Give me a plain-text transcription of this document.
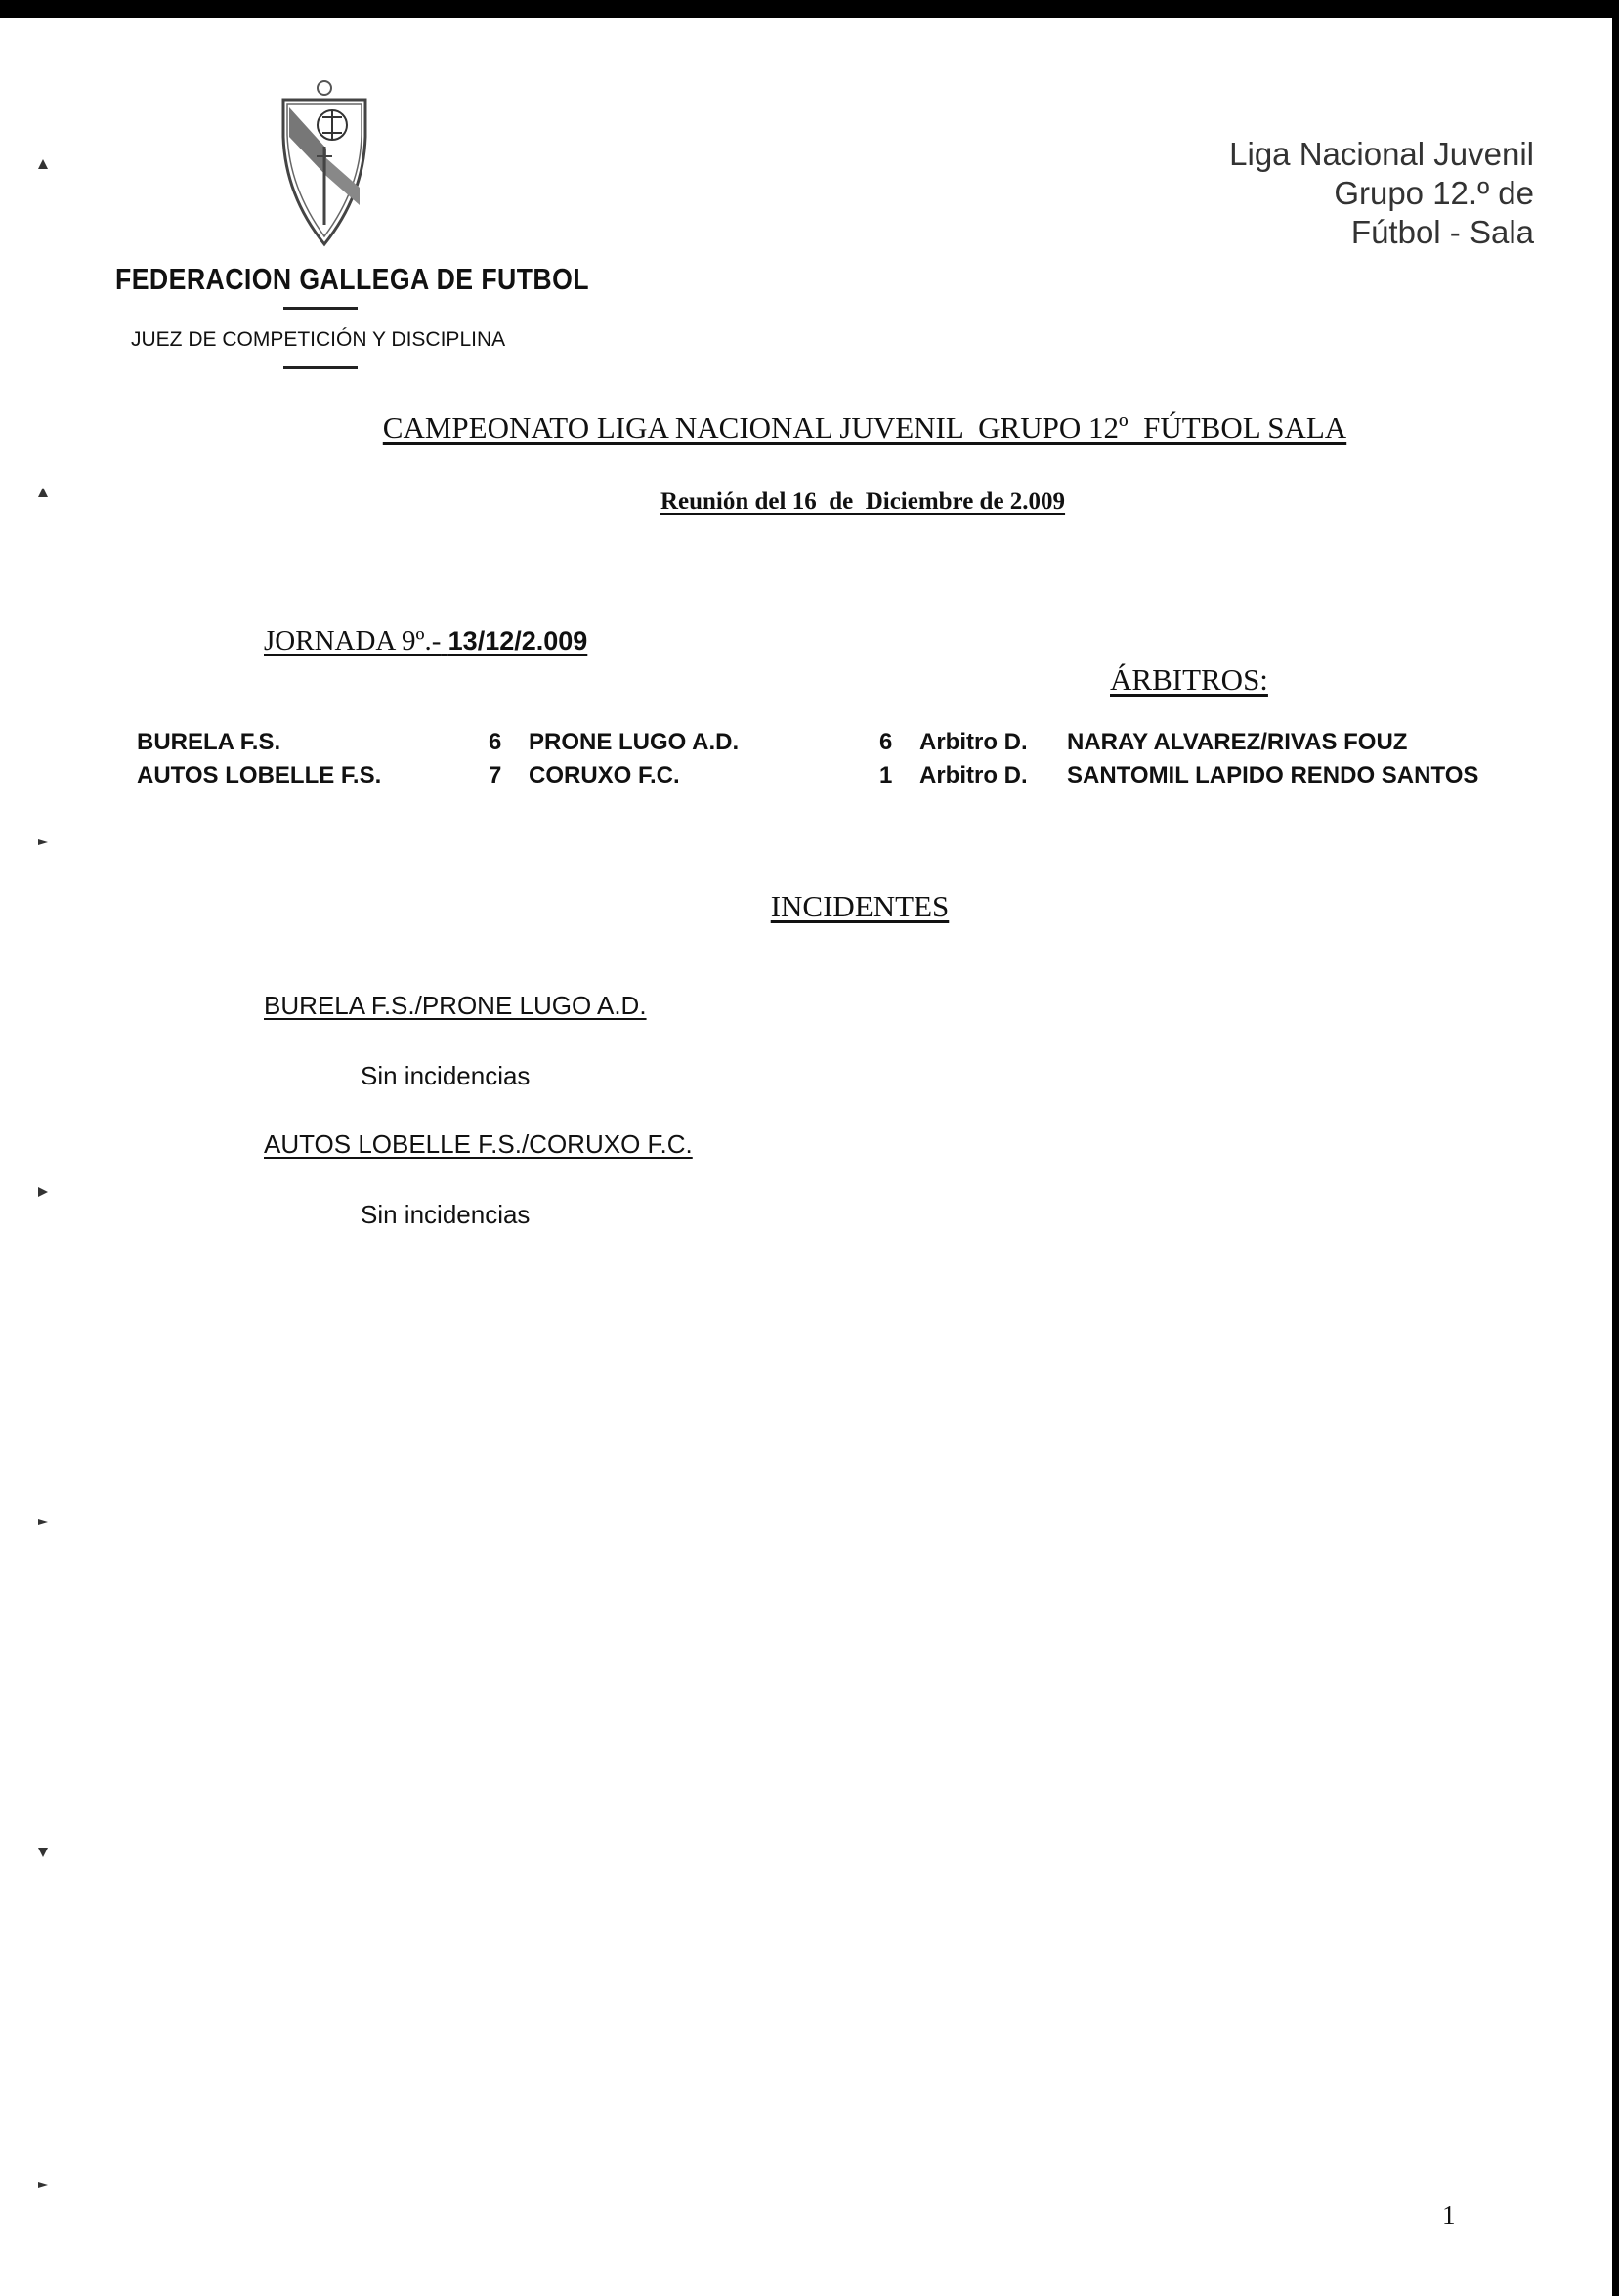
FEDERACION GALLEGA DE FUTBOL
JUEZ DE COMPETICIÓN Y DISCIPLINA
Liga Nacional Juvenil
Grupo 12.º de
Fútbol - Sala
CAMPEONATO LIGA NACIONAL JUVENIL  GRUPO 12º  FÚTBOL SALA
Reunión del 16  de  Diciembre de 2.009
JORNADA 9º.- 13/12/2.009
ÁRBITROS:
BURELA F.S.	6 PRONE LUGO A.D.	6 Arbitro D. NARAY ALVAREZ/RIVAS FOUZ
AUTOS LOBELLE F.S.	7 CORUXO F.C.	1 Arbitro D. SANTOMIL LAPIDO RENDO SANTOS
INCIDENTES
BURELA F.S./PRONE LUGO A.D.
Sin incidencias
AUTOS LOBELLE F.S./CORUXO F.C.
Sin incidencias
1
